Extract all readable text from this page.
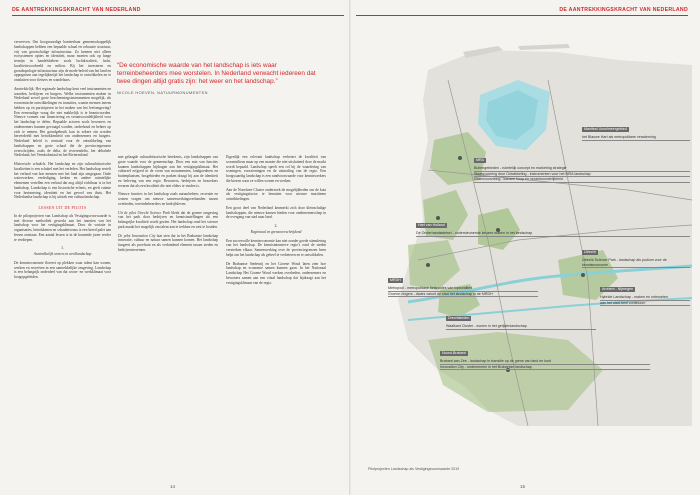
DE AANTREKKINGSKRACHT VAN NEDERLAND
“De economische waarde van het landschap is iets waar terreinbeheerders mee worstelen. In Nederland verwacht iedereen dat twee dingen altijd gratis zijn: het weer en het landschap.”
NICOLE HOEVEN, NATUURMONUMENTEN

verwerven. Om hoogwaardige hanteerbaar gemeenschappelijk landschappen hebben een bepaalde schaal en robuuste structuur, vrij van grootschalige infrastructuur. Zo kennen niet alleen ecosystemen opties en identiteit, maar moeten ook op lange termijn in handelsbeheer zoals luchtkwaliteit, lucht, kwaliteitsvoorbeeld en milieu. Bij het investeren en grondtopologie infrastructuur zijn de mede-beleid van het land en oppognisen aan tegelijkertijd het landschap te ontwikkelen en te ontsluiten voor fietsers en wandelaars.

Aantrekkelijk. Het regionale landschap kent veel instrumenten en waarden, bedrijven en burgers. Welke instrumenten maken in Nederland zowel grote beschermingsinstrumenten mogelijk, als economische ontwikkelingen en transities, waarin mensen ineens hebben op en participeren in het maken van het leefomgeving? Een eenvoudige vraag die niet makkelijk is te beantwoorden. Nieuwe vormen van financiering en verantwoordelijkheid voor het landschap te delen. Bepaalde actoren zoals bewoners en ondernemers kunnen gevraagd worden, onderhoud en beheer op zich te nemen. Het grondgebruik kan in zekere zin worden herverdeeld met betrokkenheid van ondernemers en burgers. Nederland beleid is centraal voor de ontwikkeling van landschappen en grote schaal die de provinciegrenzen overschrijden, zoals de delta, de rivierendelta, het deltahele Nederland, het Veenkoloniaal en het Rivierenland.

Historische schakels. Het landschap en zijn cultuurhistorische kwaliteiten is een schakel met het verleden. Het landschap vertelt het verhaal van hoe mensen met het land zijn omgegaan. Oude waterwerken, verdediging, kerken en andere ruimtelijke elementen vertellen een verhaal dat nog altijd zichtbaar is in het landschap. Landschap is een historische erfenis, en geeft ruimte voor herinnering, identiteit en het gevoel van thuis. Het Nederlandse landschap is bij uitstek een cultuurlandschap.

LESSEN UIT DE PILOTS

In de pilotprojecten van Landschap als Vestigingsvoorwaarde is met diverse methodiek gewerkt aan het inzetten van het landschap voor het vestigingsklimaat. Door de variatie in organisaties, betrokkenen en schaalniveaus is een breed palet aan lessen ontstaan. Een aantal lessen is in de komende jaren verder te verdiepen.

1.
Aantrekkelijk wonen en werklandschap

De kenniseconomie floreert op plekken waar talent kan wonen, werken en recreëren in een aantrekkelijke omgeving. Landschap is een belangrijk onderdeel van dat woon- en werkklimaat voor hoogopgeleiden.

met gelaagde cultuurhistorische betekenis, zijn landschappen van grote waarde voor de gemeenschap. Door een mix van functies kunnen landschappen bijdragen aan het vestigingsklimaat. Het cultureel erfgoed in de vorm van monumenten, landgoederen en buitenplaatsen, bosgebieden en parken draagt bij aan de identiteit en beleving van een regio. Bewoners, bedrijven en bezoekers ervaren dat als een kwaliteit die niet elders te vinden is.

Nieuwe functies in het landschap zoals natuurbeheer, recreatie en wonen vragen om nieuwe samenwerkingsverbanden tussen overheden, terreinbeheerders en bedrijfsleven.

Uit de pilot Utrecht Science Park bleek dat de groene omgeving van het park door bedrijven en kennisinstellingen als een belangrijke kwaliteit wordt gezien. Het landschap rond het science park maakt het mogelijk om talent aan te trekken en vast te houden.

De pilot Innovation City laat zien dat in het Brabantse landschap innovatie, cultuur en natuur samen kunnen komen. Het landschap fungeert als proeftuin en als verbindend element tussen steden en bedrijventerreinen.

Eigenlijk een relevant landschap verbetert de kwaliteit van woonmilieus maar op een manier die niet uitsluitend door de markt wordt bepaald. Landschap speelt een rol bij de waardering van woningen, voorzieningen en de uitstraling van de regio. Een hoogwaardig landschap is een randvoorwaarde voor kenniswerkers die kiezen waar ze willen wonen en werken.

Aan de Noordzee Cluster onderzoek de mogelijkheden om de kust als vestigingsfactor te benutten voor nieuwe maritieme ontwikkelingen.

Een groot deel van Nederland kenmerkt zich door kleinschalige landschappen, die nieuwe kansen bieden voor ondernemerschap in de overgang van stad naar land.

2.
Regionaal en grensoverschrijdend

Een succesvolle kenniseconomie kan niet zonder goede stimulering van het landschap. De kennisintensieve regio's rond de steden versterken elkaar. Samenwerking over de provinciegrenzen heen helpt om het landschap als geheel te verbeteren en te ontwikkelen.

De Brabantse Stedenrij en het Groene Woud laten zien hoe landschap en economie samen kunnen gaan. In het Nationaal Landschap Het Groene Woud werken overheden, ondernemers en bewoners samen aan een vitaal landschap dat bijdraagt aan het vestigingsklimaat van de regio.

14
DE AANTREKKINGSKRACHT VAN NEDERLAND
Manifest Uuselmeergebied
het Blauwe Hart als metropolitane verademing
MRA
Buitengebieden - ruimtelijk concept en marketing strategie
Staatsvorming door Ontwikkeling - instrumenten voor het MRA landschap
Groenvoorzieing - kansen hoop en verantwoordelijkheid
Hart van Holland
De Onderhandsstelsel - ondersteunende keuzes maken in het landschap
Utrecht
Utrecht Science Park - landschap als podium voor de kenniseconomie
MRDH
Metropool - metropolitane fietsroutes van topkwaliteit
Groene vingers - dwars vanuit de stad het landschap in de MRDH
Arnhem - Nijmegen
Hybride Landschap - maken en ontmoeten
aan het stad-land continuum
Drechtsteden
Waalkant Cluster - wonen in het getijdenlandschap
Noord-Brabant
Brabant aan Zee - landschap in transitie op de grens van land en kust
Innovation City - ondernemen in het Brabantse landschap
Pilotprojecten Landschap als Vestigingsvoorwaarde 2019
15
